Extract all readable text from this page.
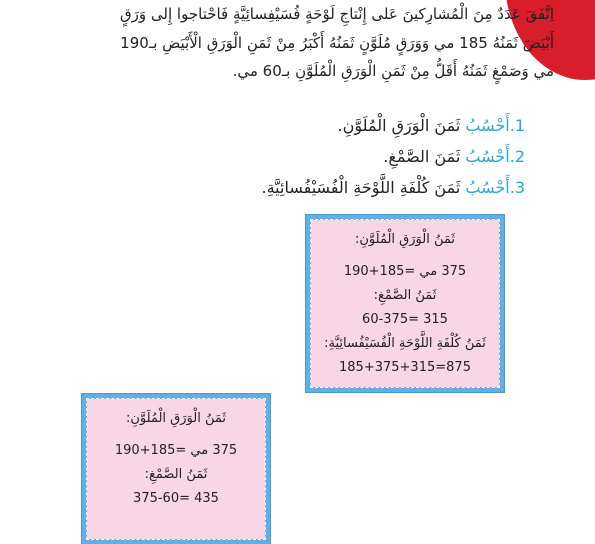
اِتَّفَقَ عَدَدٌ مِنَ الْمُشارِكينَ عَلى إِنْتاجِ لَوْحَةٍ فُسَيْفِسائِيَّةٍ فَاحْتاجوا إِلى وَرَقٍ
أَبْيَضَ ثَمَنُهُ 185 مي وَوَرَقٍ مُلَوَّنٍ ثَمَنُهُ أَكْبَرُ مِنْ ثَمَنِ الْوَرَقِ الْأَبْيَضِ بـ190
مي وَصَمْغٍ ثَمَنُهُ أَقَلُّ مِنْ ثَمَنِ الْوَرَقِ الْمُلَوَّنِ بـ60 مي.
1.أَحْسُبُ ثَمَنَ الْوَرَقِ الْمُلَوَّنِ.
2.أَحْسُبُ ثَمَنَ الصَّمْغِ.
3.أَحْسُبُ ثَمَنَ كُلْفَةِ اللَّوْحَةِ الْفُسَيْفُسائِيَّةِ.
ثَمَنُ الْوَرَقِ الْمُلَوَّنِ:
375 مي =185+190
ثَمَنُ الصَّمْغِ:
315 =60-375
ثَمَنُ كُلْفَةِ اللَّوْحَةِ الْفُسَيْفُسائِيَّةِ:
875=185+375+315
ثَمَنُ الْوَرَقِ الْمُلَوَّنِ:
375 مي =185+190
ثَمَنُ الصَّمْغِ:
435 =375-60
